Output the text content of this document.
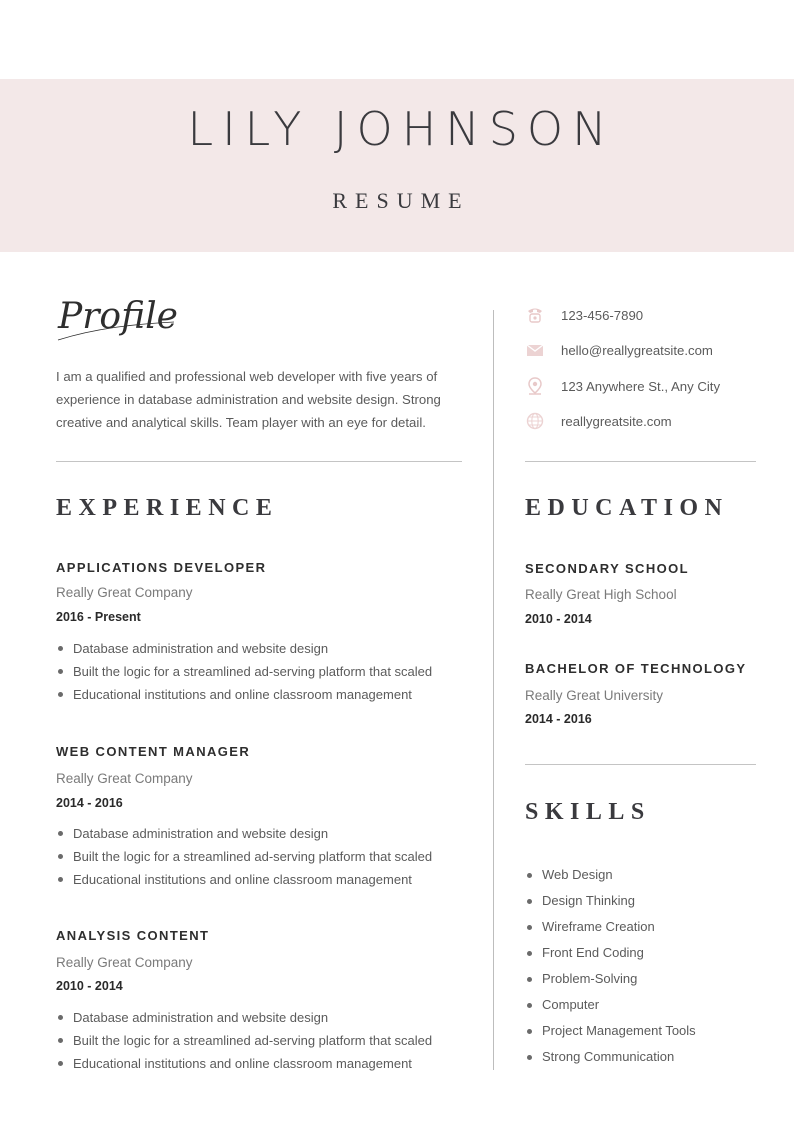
LILY JOHNSON
RESUME
Profile

I am a qualified and professional web developer with five years of experience in database administration and website design. Strong creative and analytical skills. Team player with an eye for detail.

123-456-7890
hello@reallygreatsite.com
123 Anywhere St., Any City
reallygreatsite.com
EXPERIENCE
APPLICATIONS DEVELOPER

Really Great Company

2016 - Present

Database administration and website design
Built the logic for a streamlined ad-serving platform that scaled
Educational institutions and online classroom management
WEB CONTENT MANAGER

Really Great Company

2014 - 2016

Database administration and website design
Built the logic for a streamlined ad-serving platform that scaled
Educational institutions and online classroom management
ANALYSIS CONTENT

Really Great Company

2010 - 2014

Database administration and website design
Built the logic for a streamlined ad-serving platform that scaled
Educational institutions and online classroom management
EDUCATION
SECONDARY SCHOOL

Really Great High School

2010 - 2014

BACHELOR OF TECHNOLOGY

Really Great University

2014 - 2016

SKILLS
Web Design
Design Thinking
Wireframe Creation
Front End Coding
Problem-Solving
Computer
Project Management Tools
Strong Communication
